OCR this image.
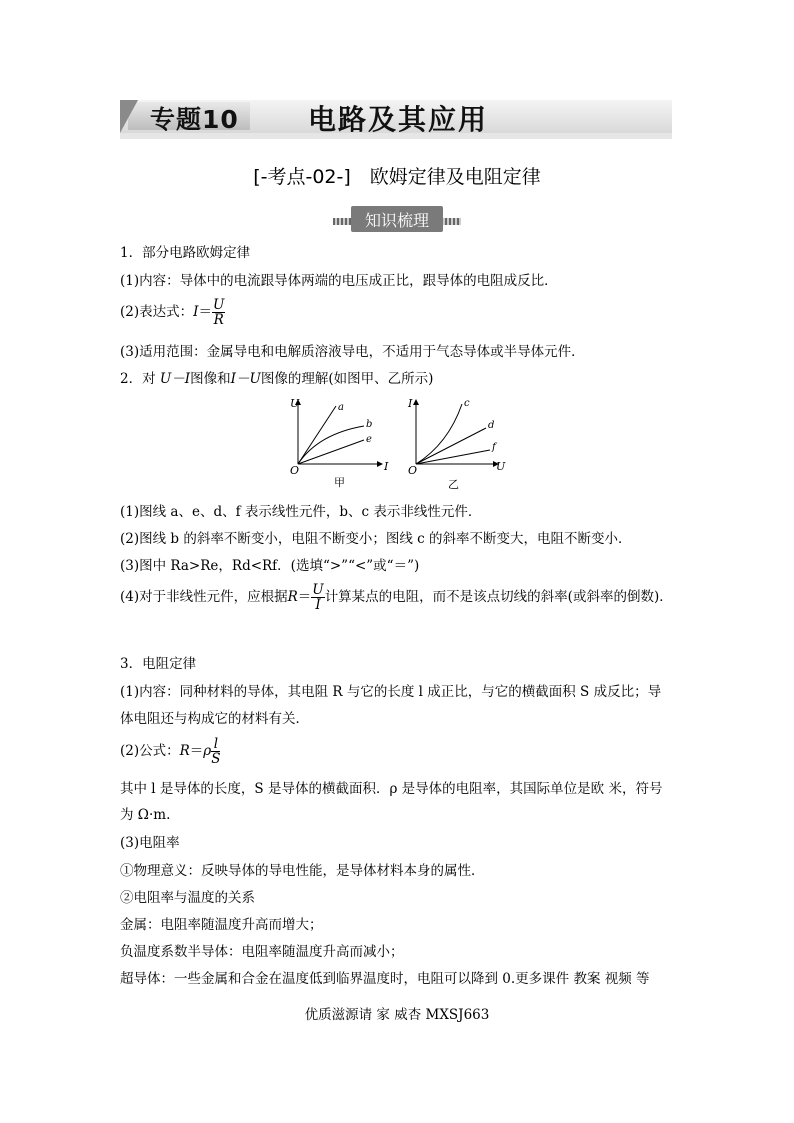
专题10 电路及其应用
[-考点-02-]　欧姆定律及电阻定律
知识梳理
1．部分电路欧姆定律
(1)内容：导体中的电流跟导体两端的电压成正比，跟导体的电阻成反比．
(2)表达式：$I= \frac{U}{R}$
(3)适用范围：金属导电和电解质溶液导电，不适用于气态导体或半导体元件．
2．对 U－I图像和I－U图像的理解(如图甲、乙所示)
U
I
O
a
b
e
甲
I
U
O
c
d
f
乙
(1)图线 a、e、d、f 表示线性元件，b、c 表示非线性元件．
(2)图线 b 的斜率不断变小，电阻不断变小；图线 c 的斜率不断变大，电阻不断变小．
(3)图中 Ra>Re，Rd<Rf．(选填“>”“<”或“＝”)
(4)对于非线性元件，应根据$R= \frac{U}{I}$ 计算某点的电阻，而不是该点切线的斜率(或斜率的倒数)．
3．电阻定律
(1)内容：同种材料的导体，其电阻 R 与它的长度 l 成正比，与它的横截面积 S 成反比；导
体电阻还与构成它的材料有关．
(2)公式：$R=\rho \frac{l}{S}$
其中 l 是导体的长度，S 是导体的横截面积．ρ 是导体的电阻率，其国际单位是欧 米，符号
为 Ω·m.
(3)电阻率
①物理意义：反映导体的导电性能，是导体材料本身的属性．
②电阻率与温度的关系
金属：电阻率随温度升高而增大；
负温度系数半导体：电阻率随温度升高而减小；
超导体：一些金属和合金在温度低到临界温度时，电阻可以降到 0.更多课件 教案 视频 等
优质滋源请 家 威杏 MXSJ663
